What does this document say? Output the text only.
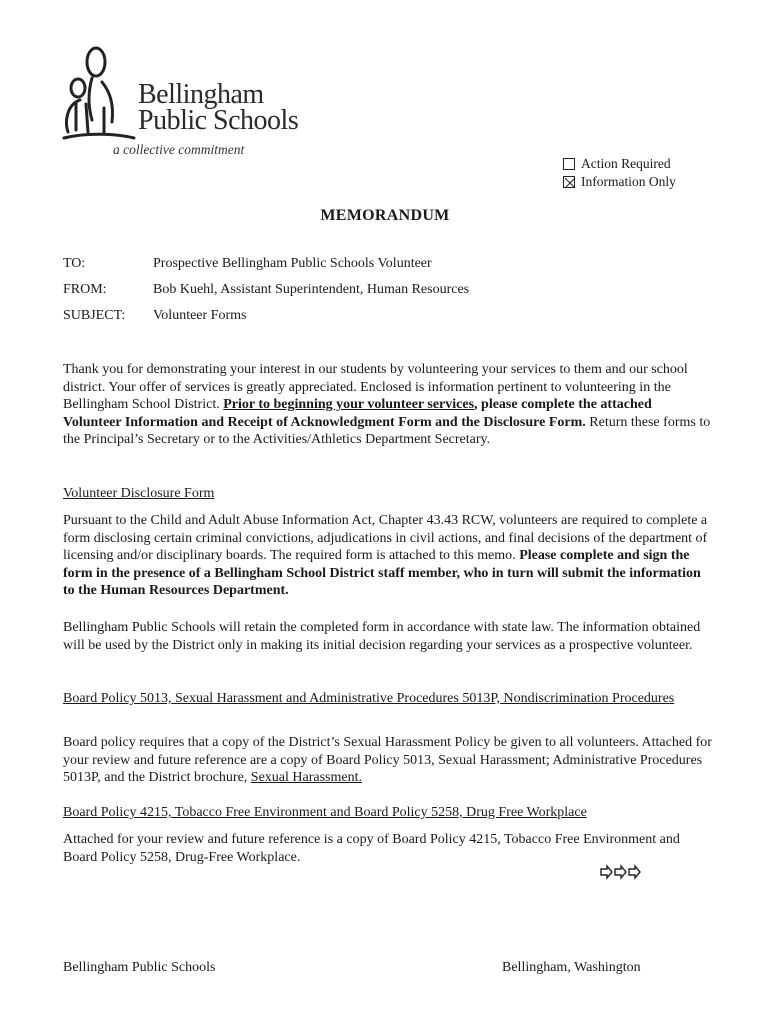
Bellingham
Public Schools
a collective commitment
Action Required
Information Only
MEMORANDUM
TO:	Prospective Bellingham Public Schools Volunteer
FROM:	Bob Kuehl, Assistant Superintendent, Human Resources
SUBJECT: Volunteer Forms

Thank you for demonstrating your interest in our students by volunteering your services to them and our school district. Your offer of services is greatly appreciated. Enclosed is information pertinent to volunteering in the Bellingham School District. Prior to beginning your volunteer services, please complete the attached Volunteer Information and Receipt of Acknowledgment Form and the Disclosure Form. Return these forms to the Principal’s Secretary or to the Activities/Athletics Department Secretary.

Volunteer Disclosure Form

Pursuant to the Child and Adult Abuse Information Act, Chapter 43.43 RCW, volunteers are required to complete a form disclosing certain criminal convictions, adjudications in civil actions, and final decisions of the department of licensing and/or disciplinary boards. The required form is attached to this memo. Please complete and sign the form in the presence of a Bellingham School District staff member, who in turn will submit the information to the Human Resources Department.

Bellingham Public Schools will retain the completed form in accordance with state law. The information obtained will be used by the District only in making its initial decision regarding your services as a prospective volunteer.

Board Policy 5013, Sexual Harassment and Administrative Procedures 5013P, Nondiscrimination Procedures

Board policy requires that a copy of the District’s Sexual Harassment Policy be given to all volunteers. Attached for your review and future reference are a copy of Board Policy 5013, Sexual Harassment; Administrative Procedures 5013P, and the District brochure, Sexual Harassment.

Board Policy 4215, Tobacco Free Environment and Board Policy 5258, Drug Free Workplace

Attached for your review and future reference is a copy of Board Policy 4215, Tobacco Free Environment and Board Policy 5258, Drug-Free Workplace.

Bellingham Public Schools	Bellingham, Washington
